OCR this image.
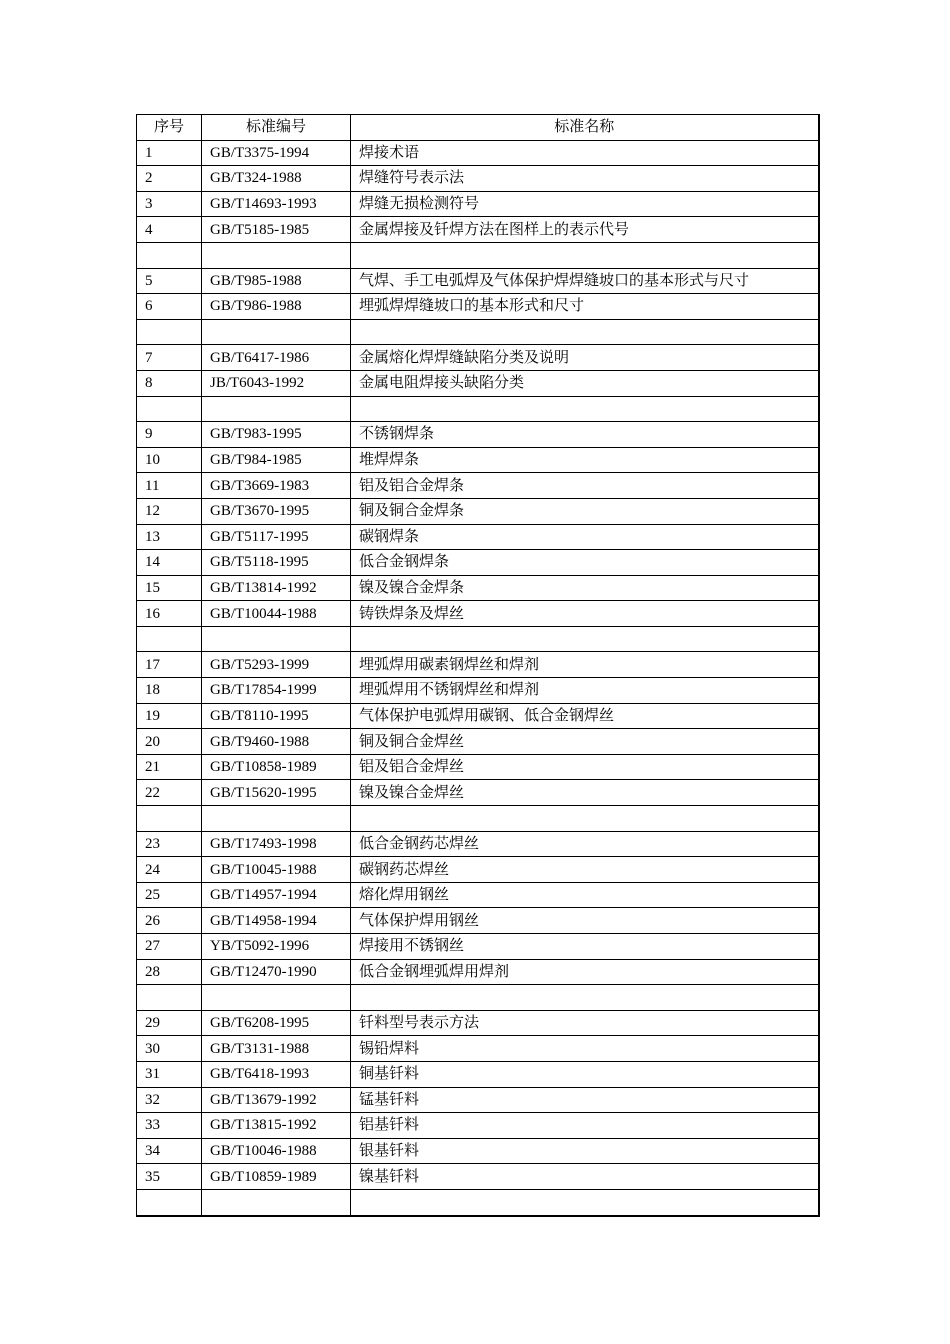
序号	标准编号	标准名称
1	GB/T3375-1994	焊接术语
2	GB/T324-1988	焊缝符号表示法
3	GB/T14693-1993	焊缝无损检测符号
4	GB/T5185-1985	金属焊接及钎焊方法在图样上的表示代号

5	GB/T985-1988	气焊、手工电弧焊及气体保护焊焊缝坡口的基本形式与尺寸
6	GB/T986-1988	埋弧焊焊缝坡口的基本形式和尺寸

7	GB/T6417-1986	金属熔化焊焊缝缺陷分类及说明
8	JB/T6043-1992	金属电阻焊接头缺陷分类

9	GB/T983-1995	不锈钢焊条
10	GB/T984-1985	堆焊焊条
11	GB/T3669-1983	铝及铝合金焊条
12	GB/T3670-1995	铜及铜合金焊条
13	GB/T5117-1995	碳钢焊条
14	GB/T5118-1995	低合金钢焊条
15	GB/T13814-1992	镍及镍合金焊条
16	GB/T10044-1988	铸铁焊条及焊丝

17	GB/T5293-1999	埋弧焊用碳素钢焊丝和焊剂
18	GB/T17854-1999	埋弧焊用不锈钢焊丝和焊剂
19	GB/T8110-1995	气体保护电弧焊用碳钢、低合金钢焊丝
20	GB/T9460-1988	铜及铜合金焊丝
21	GB/T10858-1989	铝及铝合金焊丝
22	GB/T15620-1995	镍及镍合金焊丝

23	GB/T17493-1998	低合金钢药芯焊丝
24	GB/T10045-1988	碳钢药芯焊丝
25	GB/T14957-1994	熔化焊用钢丝
26	GB/T14958-1994	气体保护焊用钢丝
27	YB/T5092-1996	焊接用不锈钢丝
28	GB/T12470-1990	低合金钢埋弧焊用焊剂

29	GB/T6208-1995	钎料型号表示方法
30	GB/T3131-1988	锡铅焊料
31	GB/T6418-1993	铜基钎料
32	GB/T13679-1992	锰基钎料
33	GB/T13815-1992	铝基钎料
34	GB/T10046-1988	银基钎料
35	GB/T10859-1989	镍基钎料
